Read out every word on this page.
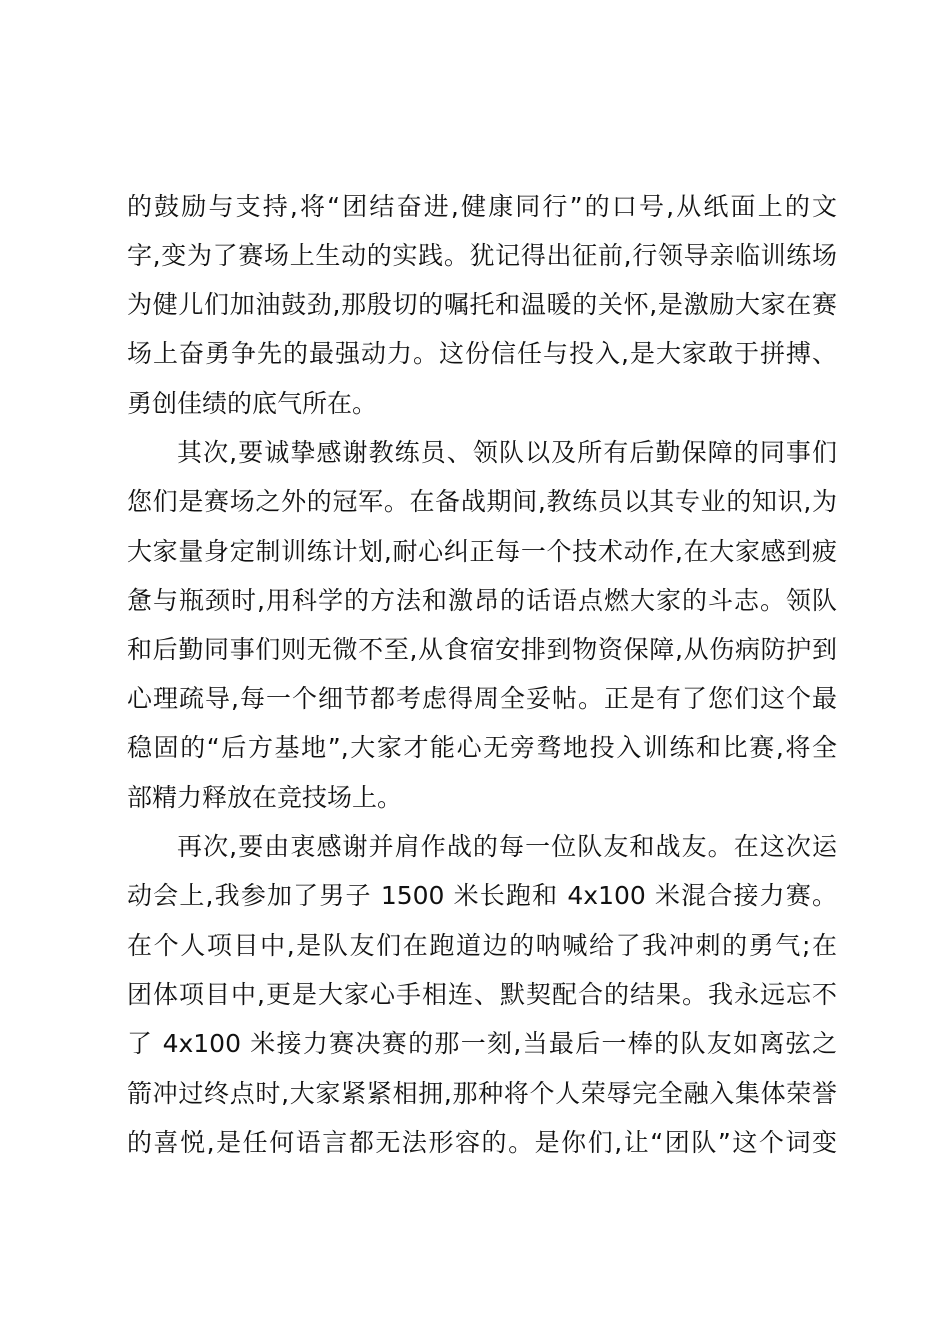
的鼓励与支持,将“团结奋进,健康同行”的口号,从纸面上的文
字,变为了赛场上生动的实践。犹记得出征前,行领导亲临训练场
为健儿们加油鼓劲,那殷切的嘱托和温暖的关怀,是激励大家在赛
场上奋勇争先的最强动力。这份信任与投入,是大家敢于拼搏、
勇创佳绩的底气所在。
其次,要诚挚感谢教练员、领队以及所有后勤保障的同事们
您们是赛场之外的冠军。在备战期间,教练员以其专业的知识,为
大家量身定制训练计划,耐心纠正每一个技术动作,在大家感到疲
惫与瓶颈时,用科学的方法和激昂的话语点燃大家的斗志。领队
和后勤同事们则无微不至,从食宿安排到物资保障,从伤病防护到
心理疏导,每一个细节都考虑得周全妥帖。正是有了您们这个最
稳固的“后方基地”,大家才能心无旁骛地投入训练和比赛,将全
部精力释放在竞技场上。
再次,要由衷感谢并肩作战的每一位队友和战友。在这次运
动会上,我参加了男子 1500 米长跑和 4x100 米混合接力赛。
在个人项目中,是队友们在跑道边的呐喊给了我冲刺的勇气;在
团体项目中,更是大家心手相连、默契配合的结果。我永远忘不
了 4x100 米接力赛决赛的那一刻,当最后一棒的队友如离弦之
箭冲过终点时,大家紧紧相拥,那种将个人荣辱完全融入集体荣誉
的喜悦,是任何语言都无法形容的。是你们,让“团队”这个词变
